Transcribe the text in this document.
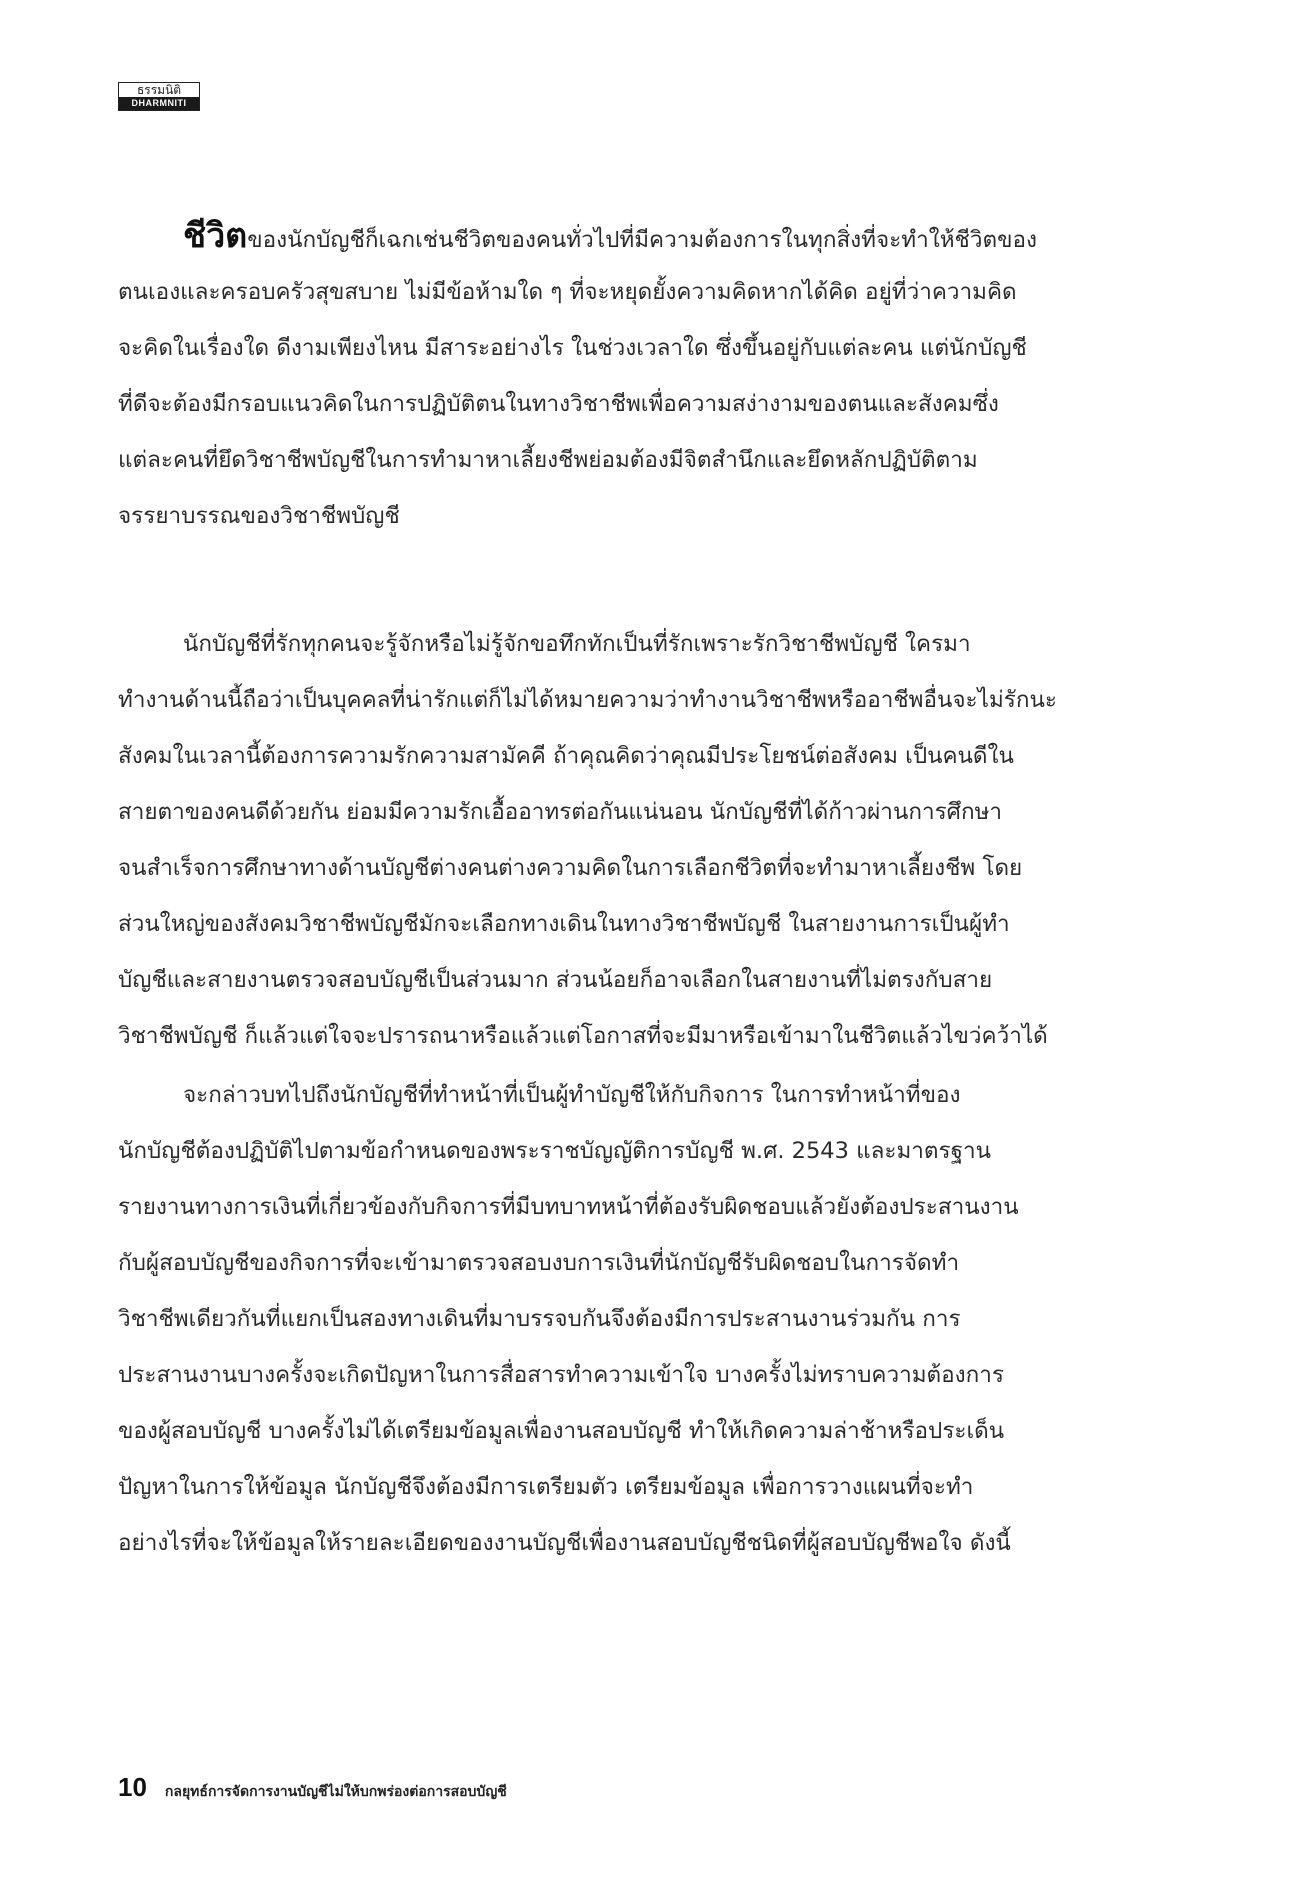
ธรรมนิติ
DHARMNITI
ชีวิตของนักบัญชีก็เฉกเช่นชีวิตของคนทั่วไปที่มีความต้องการในทุกสิ่งที่จะทำให้ชีวิตของ
ตนเองและครอบครัวสุขสบาย ไม่มีข้อห้ามใด ๆ ที่จะหยุดยั้งความคิดหากได้คิด อยู่ที่ว่าความคิด
จะคิดในเรื่องใด ดีงามเพียงไหน มีสาระอย่างไร ในช่วงเวลาใด ซึ่งขึ้นอยู่กับแต่ละคน แต่นักบัญชี
ที่ดีจะต้องมีกรอบแนวคิดในการปฏิบัติตนในทางวิชาชีพเพื่อความสง่างามของตนและสังคมซึ่ง
แต่ละคนที่ยึดวิชาชีพบัญชีในการทำมาหาเลี้ยงชีพย่อมต้องมีจิตสำนึกและยึดหลักปฏิบัติตาม
จรรยาบรรณของวิชาชีพบัญชี
นักบัญชีที่รักทุกคนจะรู้จักหรือไม่รู้จักขอทึกทักเป็นที่รักเพราะรักวิชาชีพบัญชี ใครมา
ทำงานด้านนี้ถือว่าเป็นบุคคลที่น่ารักแต่ก็ไม่ได้หมายความว่าทำงานวิชาชีพหรืออาชีพอื่นจะไม่รักนะ
สังคมในเวลานี้ต้องการความรักความสามัคคี ถ้าคุณคิดว่าคุณมีประโยชน์ต่อสังคม เป็นคนดีใน
สายตาของคนดีด้วยกัน ย่อมมีความรักเอื้ออาทรต่อกันแน่นอน นักบัญชีที่ได้ก้าวผ่านการศึกษา
จนสำเร็จการศึกษาทางด้านบัญชีต่างคนต่างความคิดในการเลือกชีวิตที่จะทำมาหาเลี้ยงชีพ โดย
ส่วนใหญ่ของสังคมวิชาชีพบัญชีมักจะเลือกทางเดินในทางวิชาชีพบัญชี ในสายงานการเป็นผู้ทำ
บัญชีและสายงานตรวจสอบบัญชีเป็นส่วนมาก ส่วนน้อยก็อาจเลือกในสายงานที่ไม่ตรงกับสาย
วิชาชีพบัญชี ก็แล้วแต่ใจจะปรารถนาหรือแล้วแต่โอกาสที่จะมีมาหรือเข้ามาในชีวิตแล้วไขว่คว้าได้
จะกล่าวบทไปถึงนักบัญชีที่ทำหน้าที่เป็นผู้ทำบัญชีให้กับกิจการ ในการทำหน้าที่ของ
นักบัญชีต้องปฏิบัติไปตามข้อกำหนดของพระราชบัญญัติการบัญชี พ.ศ. 2543 และมาตรฐาน
รายงานทางการเงินที่เกี่ยวข้องกับกิจการที่มีบทบาทหน้าที่ต้องรับผิดชอบแล้วยังต้องประสานงาน
กับผู้สอบบัญชีของกิจการที่จะเข้ามาตรวจสอบงบการเงินที่นักบัญชีรับผิดชอบในการจัดทำ
วิชาชีพเดียวกันที่แยกเป็นสองทางเดินที่มาบรรจบกันจึงต้องมีการประสานงานร่วมกัน การ
ประสานงานบางครั้งจะเกิดปัญหาในการสื่อสารทำความเข้าใจ บางครั้งไม่ทราบความต้องการ
ของผู้สอบบัญชี บางครั้งไม่ได้เตรียมข้อมูลเพื่องานสอบบัญชี ทำให้เกิดความล่าช้าหรือประเด็น
ปัญหาในการให้ข้อมูล นักบัญชีจึงต้องมีการเตรียมตัว เตรียมข้อมูล เพื่อการวางแผนที่จะทำ
อย่างไรที่จะให้ข้อมูลให้รายละเอียดของงานบัญชีเพื่องานสอบบัญชีชนิดที่ผู้สอบบัญชีพอใจ ดังนี้
10 กลยุทธ์การจัดการงานบัญชีไม่ให้บกพร่องต่อการสอบบัญชี
